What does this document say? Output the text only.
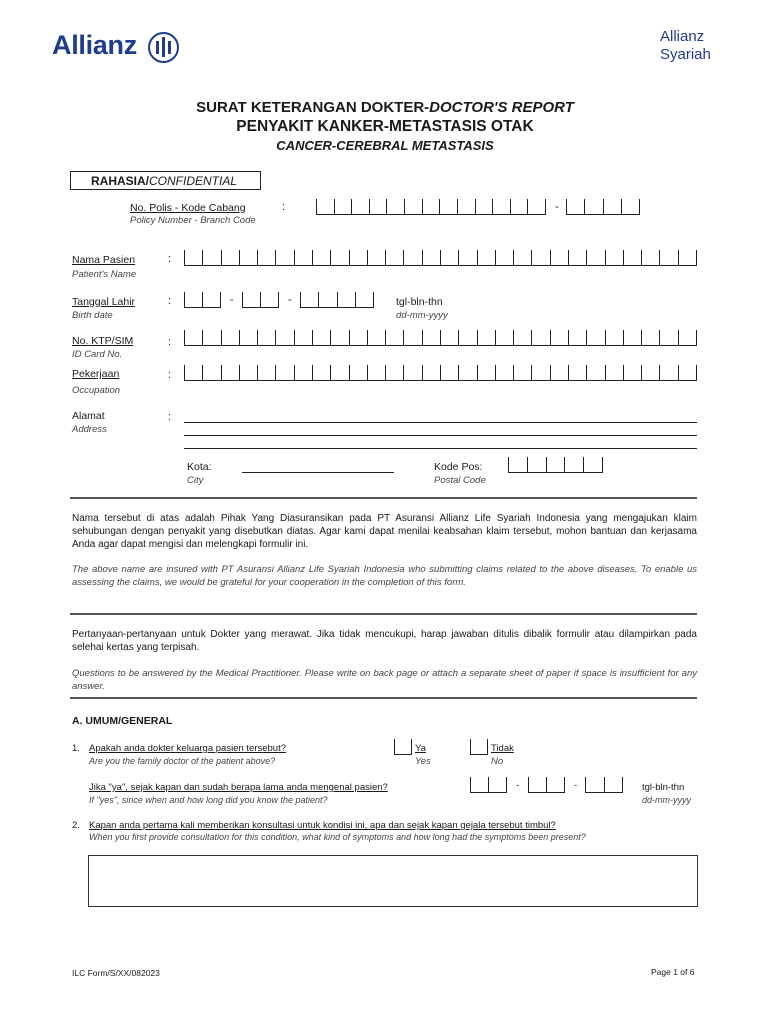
Allianz	Allianz
Syariah
SURAT KETERANGAN DOKTER-DOCTOR'S REPORT
PENYAKIT KANKER-METASTASIS OTAK
CANCER-CEREBRAL METASTASIS
RAHASIA/CONFIDENTIAL
No. Polis - Kode Cabang
Policy Number - Branch Code
:	-
Nama Pasien
Patient's Name
:
Tanggal Lahir
Birth date
:	-	-	tgl-bln-thn
dd-mm-yyyy
No. KTP/SIM
ID Card No.
:
Pekerjaan
Occupation
:
Alamat
Address
:
Kota:
City
Kode Pos:
Postal Code
Nama tersebut di atas adalah Pihak Yang Diasuransikan pada PT Asuransi Allianz Life Syariah Indonesia yang mengajukan klaim sehubungan dengan penyakit yang disebutkan diatas. Agar kami dapat menilai keabsahan klaim tersebut, mohon bantuan dan kerjasama Anda agar dapat mengisi dan melengkapi formulir ini.
The above name are insured with PT Asuransi Allianz Life Syariah Indonesia who submitting claims related to the above diseases. To enable us assessing the claims, we would be grateful for your cooperation in the completion of this form.
Pertanyaan-pertanyaan untuk Dokter yang merawat. Jika tidak mencukupi, harap jawaban ditulis dibalik formulir atau dilampirkan pada selehai kertas yang terpisah.
Questions to be answered by the Medical Practitioner. Please write on back page or attach a separate sheet of paper if space is insufficient for any answer.
A. UMUM/GENERAL
1. Apakah anda dokter keluarga pasien tersebut?
Are you the family doctor of the patient above?
Ya
Yes
Tidak
No
Jika "ya", sejak kapan dan sudah berapa lama anda mengenal pasien?
If "yes", since when and how long did you know the patient?
-	-	tgl-bln-thn
dd-mm-yyyy
2. Kapan anda pertama kali memberikan konsultasi untuk kondisi ini, apa dan sejak kapan gejala tersebut timbul?
When you first provide consultation for this condition, what kind of symptoms and how long had the symptoms been present?
ILC Form/S/XX/082023	Page 1 of 6
